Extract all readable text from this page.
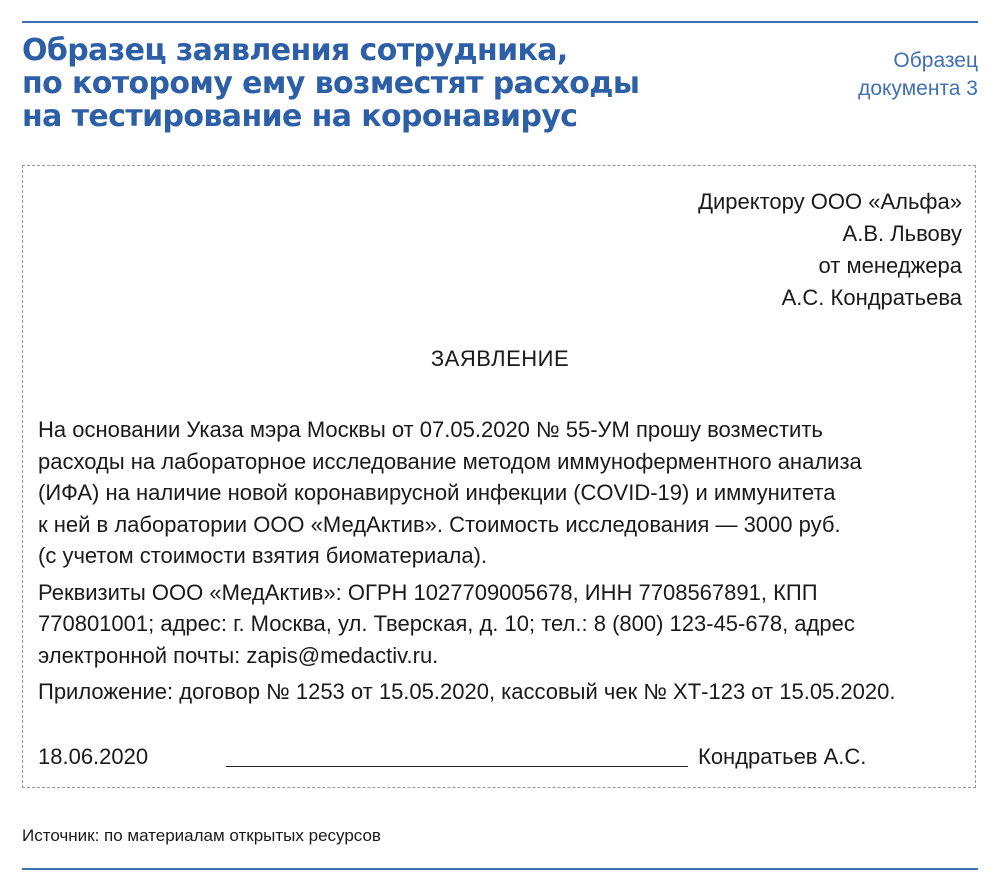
Образец заявления сотрудника,
по которому ему возместят расходы
на тестирование на коронавирус
Образец
документа 3
Директору ООО «Альфа»
А.В. Львову
от менеджера
А.С. Кондратьева
ЗАЯВЛЕНИЕ
На основании Указа мэра Москвы от 07.05.2020 № 55-УМ прошу возместить
расходы на лабораторное исследование методом иммуноферментного анализа
(ИФА) на наличие новой коронавирусной инфекции (COVID-19) и иммунитета
к ней в лаборатории ООО «МедАктив». Стоимость исследования — 3000 руб.
(с учетом стоимости взятия биоматериала).
Реквизиты ООО «МедАктив»: ОГРН 1027709005678, ИНН 7708567891, КПП
770801001; адрес: г. Москва, ул. Тверская, д. 10; тел.: 8 (800) 123-45-678, адрес
электронной почты: zapis@medactiv.ru.
Приложение: договор № 1253 от 15.05.2020, кассовый чек № ХТ-123 от 15.05.2020.
18.06.2020	Кондратьев А.С.
Источник: по материалам открытых ресурсов
